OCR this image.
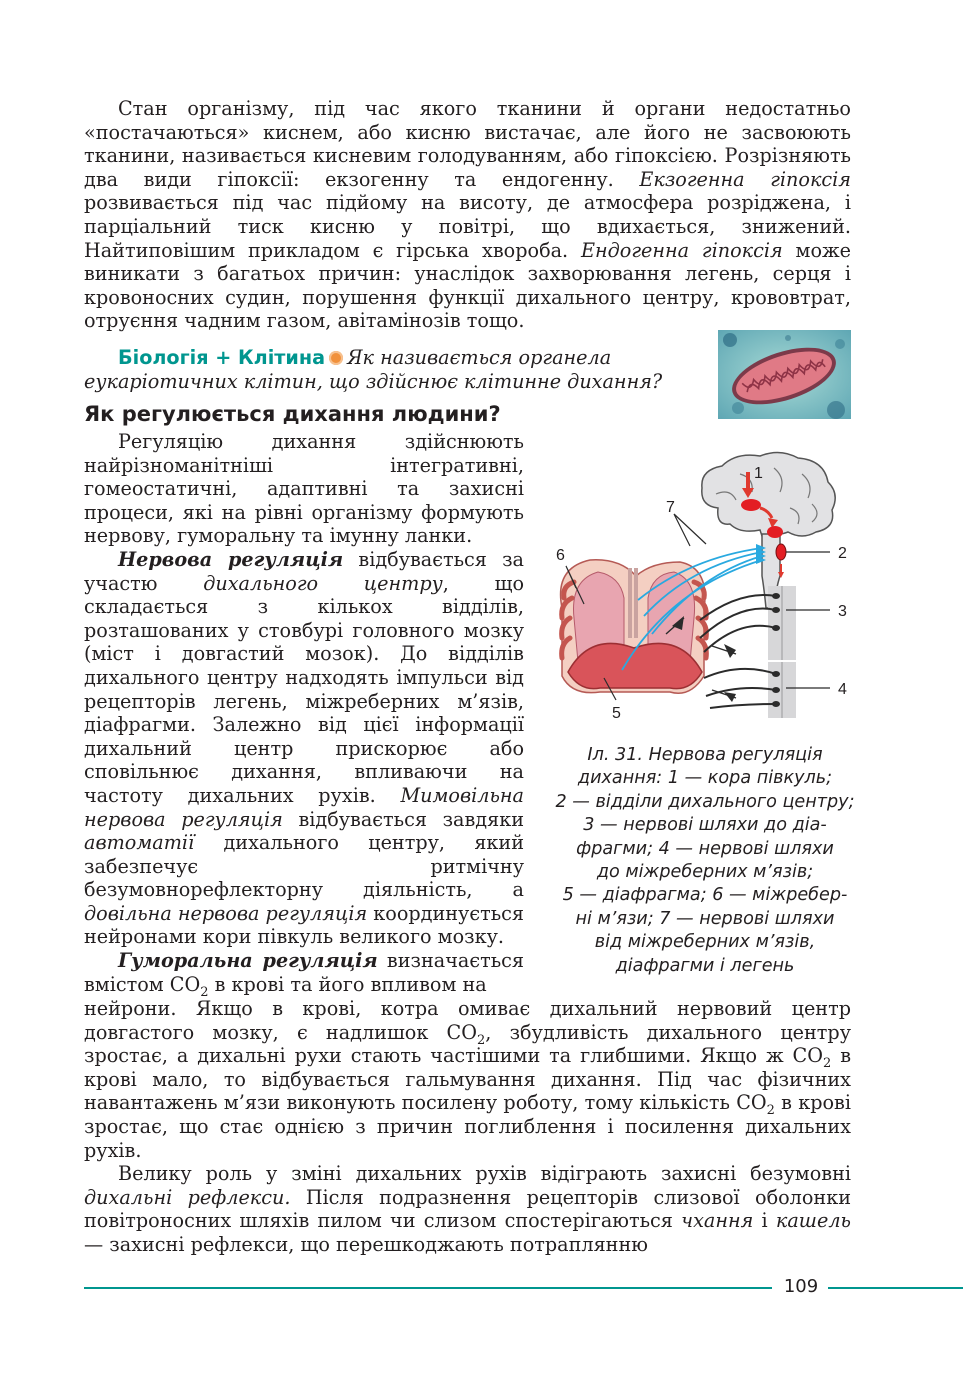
Стан організму, під час якого тканини й органи недостатньо «постачаються» киснем, або кисню вистачає, але його не засвоюють тканини, називається кисневим голодуванням, або гіпоксією. Розрізняють два види гіпоксії: екзогенну та ендогенну. Екзогенна гіпоксія розвивається під час підйому на висоту, де атмосфера розріджена, і парціальний тиск кисню у повітрі, що вдихається, знижений. Найтиповішим прикладом є гірська хвороба. Ендогенна гіпоксія може виникати з багатьох причин: унаслідок захворювання легень, серця і кровоносних судин, порушення функції дихального центру, крововтрат, отруєння чадним газом, авітамінозів тощо.

Біологія + Клітина Як називається органела еукаріотичних клітин, що здійснює клітинне дихання?
Як регулюється дихання людини?

Регуляцію дихання здійснюють найрізноманітніші інтегративні, гомеостатичні, адаптивні та захисні процеси, які на рівні організму формують нервову, гуморальну та імунну ланки.

Нервова регуляція відбувається за участю дихального центру, що складається з кількох відділів, розташованих у стовбурі головного мозку (міст і довгастий мозок). До відділів дихального центру надходять імпульси від рецепторів легень, міжреберних м’язів, діафрагми. Залежно від цієї інформації дихальний центр прискорює або сповільнює дихання, впливаючи на частоту дихальних рухів. Мимовільна нервова регуляція відбувається завдяки автоматії дихального центру, який забезпечує ритмічну безумовнорефлекторну діяльність, а довільна нервова регуляція координується нейронами кори півкуль великого мозку.

Гуморальна регуляція визначається вмістом $CO_2$ в крові та його впливом на

1
2
3
4
5
6
7
Іл. 31. Нервова регуляція
дихання: 1 — кора півкуль;
2 — відділи дихального центру;
3 — нервові шляхи до діа-
фрагми; 4 — нервові шляхи
до міжреберних м’язів;
5 — діафрагма; 6 — міжребер-
ні м’язи; 7 — нервові шляхи
від міжреберних м’язів,
діафрагми і легень

нейрони. Якщо в крові, котра омиває дихальний нервовий центр довгастого мозку, є надлишок $CO_2$, збудливість дихального центру зростає, а дихальні рухи стають частішими та глибшими. Якщо ж $CO_2$ в крові мало, то відбувається гальмування дихання. Під час фізичних навантажень м’язи виконують посилену роботу, тому кількість $CO_2$ в крові зростає, що стає однією з причин поглиблення і посилення дихальних рухів.

Велику роль у зміні дихальних рухів відіграють захисні безумовні дихальні рефлекси. Після подразнення рецепторів слизової оболонки повітроносних шляхів пилом чи слизом спостерігаються чхання і кашель — захисні рефлекси, що перешкоджають потраплянню

109
